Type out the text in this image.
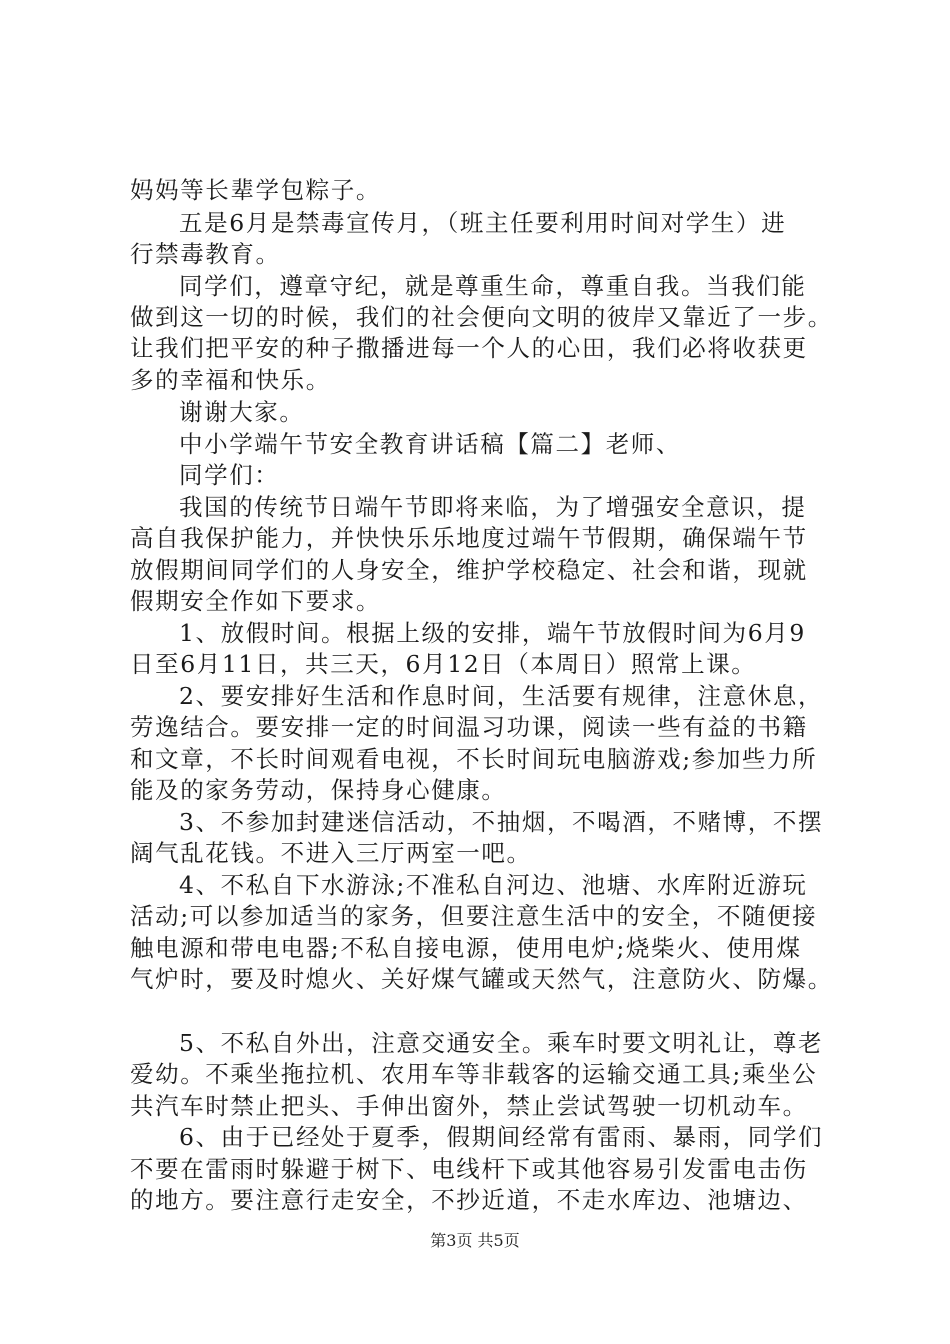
妈妈等长辈学包粽子。
五是6月是禁毒宣传月，（班主任要利用时间对学生）进
行禁毒教育。
同学们，遵章守纪，就是尊重生命，尊重自我。当我们能
做到这一切的时候，我们的社会便向文明的彼岸又靠近了一步。
让我们把平安的种子撒播进每一个人的心田，我们必将收获更
多的幸福和快乐。
谢谢大家。
中小学端午节安全教育讲话稿【篇二】老师、
同学们：
我国的传统节日端午节即将来临，为了增强安全意识，提
高自我保护能力，并快快乐乐地度过端午节假期，确保端午节
放假期间同学们的人身安全，维护学校稳定、社会和谐，现就
假期安全作如下要求。
1、放假时间。根据上级的安排，端午节放假时间为6月9
日至6月11日，共三天，6月12日（本周日）照常上课。
2、要安排好生活和作息时间，生活要有规律，注意休息，
劳逸结合。要安排一定的时间温习功课，阅读一些有益的书籍
和文章，不长时间观看电视，不长时间玩电脑游戏;参加些力所
能及的家务劳动，保持身心健康。
3、不参加封建迷信活动，不抽烟，不喝酒，不赌博，不摆
阔气乱花钱。不进入三厅两室一吧。
4、不私自下水游泳;不准私自河边、池塘、水库附近游玩
活动;可以参加适当的家务，但要注意生活中的安全，不随便接
触电源和带电电器;不私自接电源，使用电炉;烧柴火、使用煤
气炉时，要及时熄火、关好煤气罐或天然气，注意防火、防爆。
5、不私自外出，注意交通安全。乘车时要文明礼让，尊老
爱幼。不乘坐拖拉机、农用车等非载客的运输交通工具;乘坐公
共汽车时禁止把头、手伸出窗外，禁止尝试驾驶一切机动车。
6、由于已经处于夏季，假期间经常有雷雨、暴雨，同学们
不要在雷雨时躲避于树下、电线杆下或其他容易引发雷电击伤
的地方。要注意行走安全，不抄近道，不走水库边、池塘边、
第3页 共5页
